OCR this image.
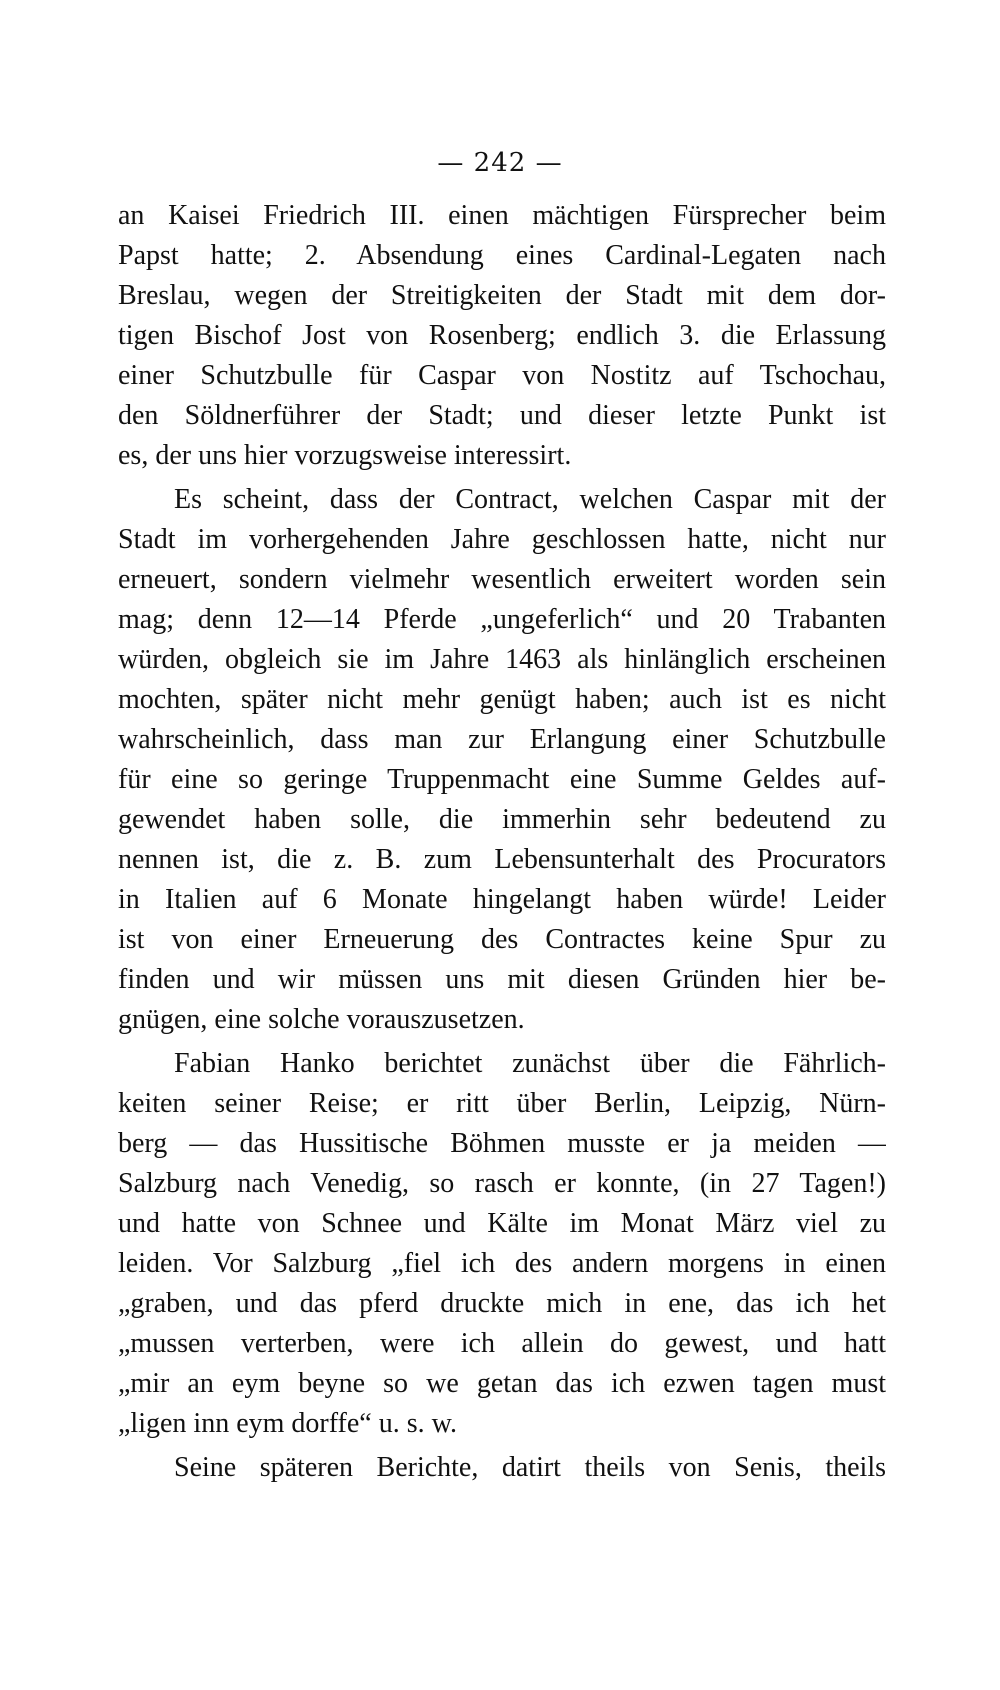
— 242 —
an Kaisei Friedrich III. einen mächtigen Fürsprecher beim
Papst hatte; 2. Absendung eines Cardinal-Legaten nach
Breslau, wegen der Streitigkeiten der Stadt mit dem dor-
tigen Bischof Jost von Rosenberg; endlich 3. die Erlassung
einer Schutzbulle für Caspar von Nostitz auf Tschochau,
den Söldnerführer der Stadt; und dieser letzte Punkt ist
es, der uns hier vorzugsweise interessirt.
Es scheint, dass der Contract, welchen Caspar mit der
Stadt im vorhergehenden Jahre geschlossen hatte, nicht nur
erneuert, sondern vielmehr wesentlich erweitert worden sein
mag; denn 12—14 Pferde „ungeferlich“ und 20 Trabanten
würden, obgleich sie im Jahre 1463 als hinlänglich erscheinen
mochten, später nicht mehr genügt haben; auch ist es nicht
wahrscheinlich, dass man zur Erlangung einer Schutzbulle
für eine so geringe Truppenmacht eine Summe Geldes auf-
gewendet haben solle, die immerhin sehr bedeutend zu
nennen ist, die z. B. zum Lebensunterhalt des Procurators
in Italien auf 6 Monate hingelangt haben würde! Leider
ist von einer Erneuerung des Contractes keine Spur zu
finden und wir müssen uns mit diesen Gründen hier be-
gnügen, eine solche vorauszusetzen.
Fabian Hanko berichtet zunächst über die Fährlich-
keiten seiner Reise; er ritt über Berlin, Leipzig, Nürn-
berg — das Hussitische Böhmen musste er ja meiden —
Salzburg nach Venedig, so rasch er konnte, (in 27 Tagen!)
und hatte von Schnee und Kälte im Monat März viel zu
leiden. Vor Salzburg „fiel ich des andern morgens in einen
„graben, und das pferd druckte mich in ene, das ich het
„mussen verterben, were ich allein do gewest, und hatt
„mir an eym beyne so we getan das ich ezwen tagen must
„ligen inn eym dorffe“ u. s. w.
Seine späteren Berichte, datirt theils von Senis, theils
